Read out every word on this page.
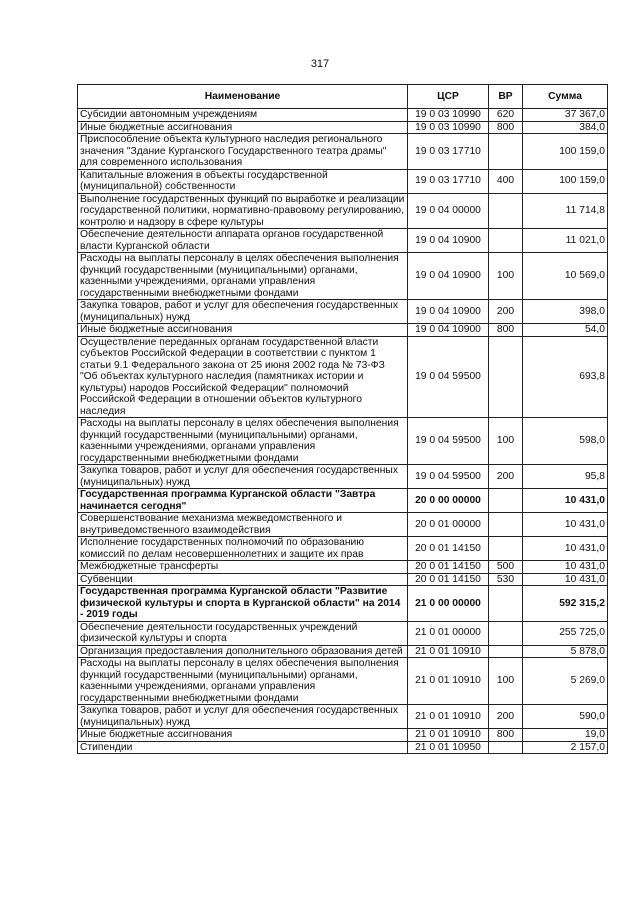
317
Наименование	ЦСР	ВР	Сумма
Субсидии автономным учреждениям	19 0 03 10990	620	37 367,0
Иные бюджетные ассигнования	19 0 03 10990	800	384,0
Приспособление объекта культурного наследия регионального значения "Здание Курганского Государственного театра драмы" для современного использования	19 0 03 17710		100 159,0
Капитальные вложения в объекты государственной (муниципальной) собственности	19 0 03 17710	400	100 159,0
Выполнение государственных функций по выработке и реализации государственной политики, нормативно-правовому регулированию, контролю и надзору в сфере культуры	19 0 04 00000		11 714,8
Обеспечение деятельности аппарата органов государственной власти Курганской области	19 0 04 10900		11 021,0
Расходы на выплаты персоналу в целях обеспечения выполнения функций государственными (муниципальными) органами, казенными учреждениями, органами управления государственными внебюджетными фондами	19 0 04 10900	100	10 569,0
Закупка товаров, работ и услуг для обеспечения государственных (муниципальных) нужд	19 0 04 10900	200	398,0
Иные бюджетные ассигнования	19 0 04 10900	800	54,0
Осуществление переданных органам государственной власти субъектов Российской Федерации в соответствии с пунктом 1 статьи 9.1 Федерального закона от 25 июня 2002 года № 73-ФЗ "Об объектах культурного наследия (памятниках истории и культуры) народов Российской Федерации" полномочий Российской Федерации в отношении объектов культурного наследия	19 0 04 59500		693,8
Расходы на выплаты персоналу в целях обеспечения выполнения функций государственными (муниципальными) органами, казенными учреждениями, органами управления государственными внебюджетными фондами	19 0 04 59500	100	598,0
Закупка товаров, работ и услуг для обеспечения государственных (муниципальных) нужд	19 0 04 59500	200	95,8
Государственная программа Курганской области "Завтра начинается сегодня"	20 0 00 00000		10 431,0
Совершенствование механизма межведомственного и внутриведомственного взаимодействия	20 0 01 00000		10 431,0
Исполнение государственных полномочий по образованию комиссий по делам несовершеннолетних и защите их прав	20 0 01 14150		10 431,0
Межбюджетные трансферты	20 0 01 14150	500	10 431,0
Субвенции	20 0 01 14150	530	10 431,0
Государственная программа Курганской области "Развитие физической культуры и спорта в Курганской области" на 2014 - 2019 годы	21 0 00 00000		592 315,2
Обеспечение деятельности государственных учреждений физической культуры и спорта	21 0 01 00000		255 725,0
Организация предоставления дополнительного образования детей	21 0 01 10910		5 878,0
Расходы на выплаты персоналу в целях обеспечения выполнения функций государственными (муниципальными) органами, казенными учреждениями, органами управления государственными внебюджетными фондами	21 0 01 10910	100	5 269,0
Закупка товаров, работ и услуг для обеспечения государственных (муниципальных) нужд	21 0 01 10910	200	590,0
Иные бюджетные ассигнования	21 0 01 10910	800	19,0
Стипендии	21 0 01 10950		2 157,0
